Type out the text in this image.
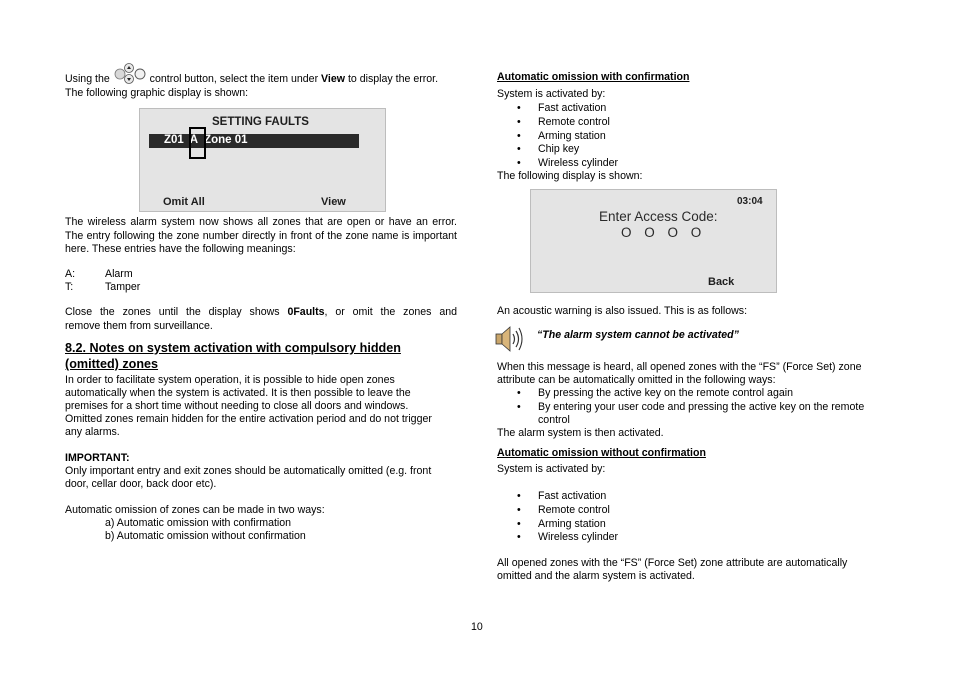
Using the	control button, select the item under View to display the error.
The following graphic display is shown:
SETTING FAULTS
Z01  A  Zone 01
Omit All	View

The wireless alarm system now shows all zones that are open or have an error. The entry following the zone number directly in front of the zone name is important here. These entries have the following meanings:

A:	Alarm
T:	Tamper
Close the zones until the display shows 0Faults, or omit the zones and
remove them from surveillance.
8.2. Notes on system activation with compulsory hidden
(omitted) zones
In order to facilitate system operation, it is possible to hide open zones
automatically when the system is activated. It is then possible to leave the
premises for a short time without needing to close all doors and windows.
Omitted zones remain hidden for the entire activation period and do not trigger
any alarms.
IMPORTANT:
Only important entry and exit zones should be automatically omitted (e.g. front
door, cellar door, back door etc).
Automatic omission of zones can be made in two ways:
a) Automatic omission with confirmation
b) Automatic omission without confirmation
Automatic omission with confirmation
System is activated by:
• Fast activation
• Remote control
• Arming station
• Chip key
• Wireless cylinder
The following display is shown:
03:04
Enter Access Code:
O O O O
Back
An acoustic warning is also issued. This is as follows:
“The alarm system cannot be activated”
When this message is heard, all opened zones with the “FS” (Force Set) zone
attribute can be automatically omitted in the following ways:
• By pressing the active key on the remote control again
• By entering your user code and pressing the active key on the remote control
The alarm system is then activated.
Automatic omission without confirmation
System is activated by:
• Fast activation
• Remote control
• Arming station
• Wireless cylinder
All opened zones with the “FS” (Force Set) zone attribute are automatically
omitted and the alarm system is activated.
10
